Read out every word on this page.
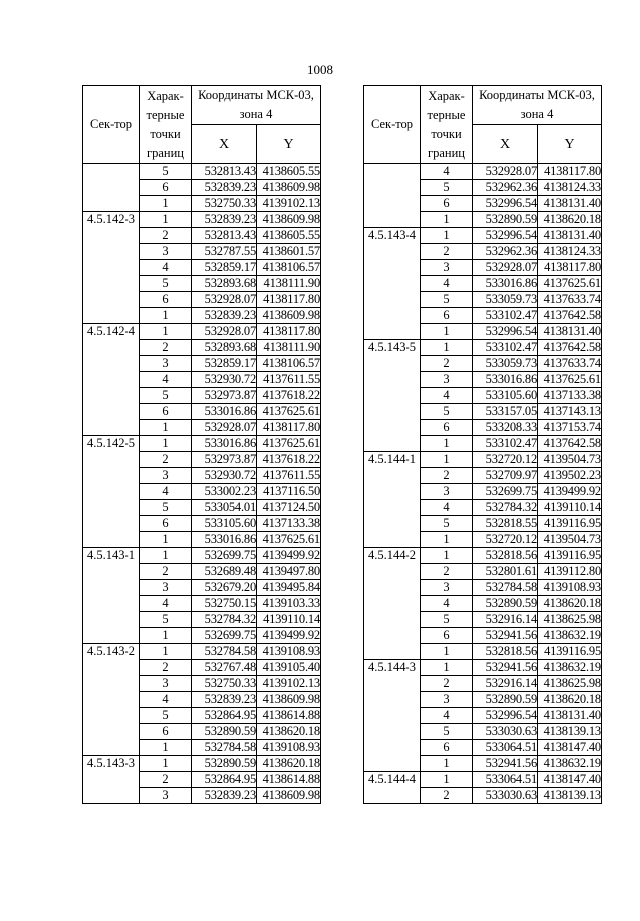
1008
Сек-тор	Харак-терные точки границ	Координаты МСК-03, зона 4	
		X	Y
	5	532813.43	4138605.55
	6	532839.23	4138609.98
	1	532750.33	4139102.13
4.5.142-3	1	532839.23	4138609.98
	2	532813.43	4138605.55
	3	532787.55	4138601.57
	4	532859.17	4138106.57
	5	532893.68	4138111.90
	6	532928.07	4138117.80
	1	532839.23	4138609.98
4.5.142-4	1	532928.07	4138117.80
	2	532893.68	4138111.90
	3	532859.17	4138106.57
	4	532930.72	4137611.55
	5	532973.87	4137618.22
	6	533016.86	4137625.61
	1	532928.07	4138117.80
4.5.142-5	1	533016.86	4137625.61
	2	532973.87	4137618.22
	3	532930.72	4137611.55
	4	533002.23	4137116.50
	5	533054.01	4137124.50
	6	533105.60	4137133.38
	1	533016.86	4137625.61
4.5.143-1	1	532699.75	4139499.92
	2	532689.48	4139497.80
	3	532679.20	4139495.84
	4	532750.15	4139103.33
	5	532784.32	4139110.14
	1	532699.75	4139499.92
4.5.143-2	1	532784.58	4139108.93
	2	532767.48	4139105.40
	3	532750.33	4139102.13
	4	532839.23	4138609.98
	5	532864.95	4138614.88
	6	532890.59	4138620.18
	1	532784.58	4139108.93
4.5.143-3	1	532890.59	4138620.18
	2	532864.95	4138614.88
	3	532839.23	4138609.98
Сек-тор	Харак-терные точки границ	Координаты МСК-03, зона 4	
		X	Y
	4	532928.07	4138117.80
	5	532962.36	4138124.33
	6	532996.54	4138131.40
	1	532890.59	4138620.18
4.5.143-4	1	532996.54	4138131.40
	2	532962.36	4138124.33
	3	532928.07	4138117.80
	4	533016.86	4137625.61
	5	533059.73	4137633.74
	6	533102.47	4137642.58
	1	532996.54	4138131.40
4.5.143-5	1	533102.47	4137642.58
	2	533059.73	4137633.74
	3	533016.86	4137625.61
	4	533105.60	4137133.38
	5	533157.05	4137143.13
	6	533208.33	4137153.74
	1	533102.47	4137642.58
4.5.144-1	1	532720.12	4139504.73
	2	532709.97	4139502.23
	3	532699.75	4139499.92
	4	532784.32	4139110.14
	5	532818.55	4139116.95
	1	532720.12	4139504.73
4.5.144-2	1	532818.56	4139116.95
	2	532801.61	4139112.80
	3	532784.58	4139108.93
	4	532890.59	4138620.18
	5	532916.14	4138625.98
	6	532941.56	4138632.19
	1	532818.56	4139116.95
4.5.144-3	1	532941.56	4138632.19
	2	532916.14	4138625.98
	3	532890.59	4138620.18
	4	532996.54	4138131.40
	5	533030.63	4138139.13
	6	533064.51	4138147.40
	1	532941.56	4138632.19
4.5.144-4	1	533064.51	4138147.40
	2	533030.63	4138139.13
